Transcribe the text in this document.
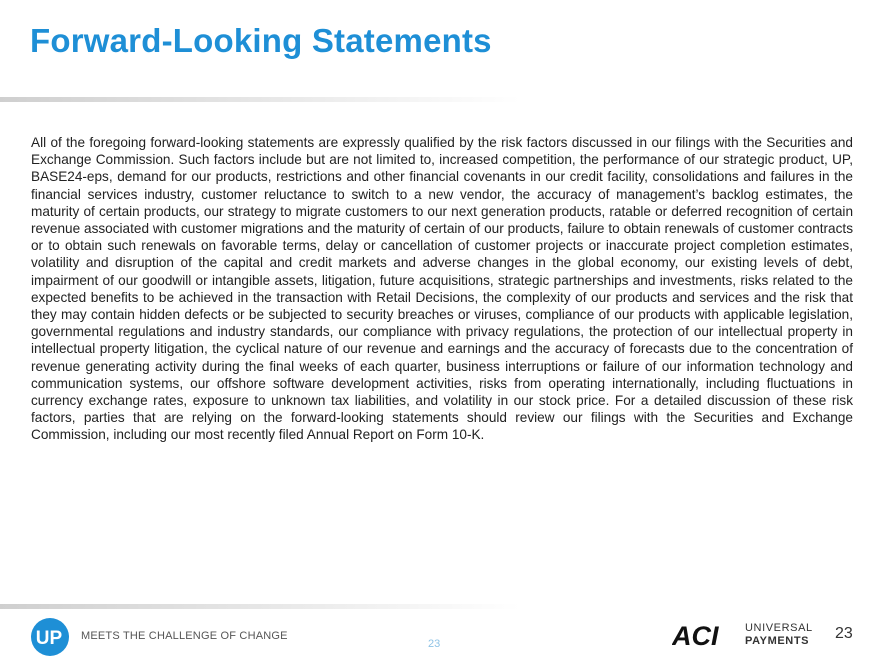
Forward-Looking Statements

All of the foregoing forward-looking statements are expressly qualified by the risk factors discussed in our filings with the Securities and Exchange Commission. Such factors include but are not limited to, increased competition, the performance of our strategic product, UP, BASE24-eps, demand for our products, restrictions and other financial covenants in our credit facility, consolidations and failures in the financial services industry, customer reluctance to switch to a new vendor, the accuracy of management’s backlog estimates, the maturity of certain products, our strategy to migrate customers to our next generation products, ratable or deferred recognition of certain revenue associated with customer migrations and the maturity of certain of our products, failure to obtain renewals of customer contracts or to obtain such renewals on favorable terms, delay or cancellation of customer projects or inaccurate project completion estimates, volatility and disruption of the capital and credit markets and adverse changes in the global economy, our existing levels of debt, impairment of our goodwill or intangible assets, litigation, future acquisitions, strategic partnerships and investments, risks related to the expected benefits to be achieved in the transaction with Retail Decisions, the complexity of our products and services and the risk that they may contain hidden defects or be subjected to security breaches or viruses, compliance of our products with applicable legislation, governmental regulations and industry standards, our compliance with privacy regulations, the protection of our intellectual property in intellectual property litigation, the cyclical nature of our revenue and earnings and the accuracy of forecasts due to the concentration of revenue generating activity during the final weeks of each quarter, business interruptions or failure of our information technology and communication systems, our offshore software development activities, risks from operating internationally, including fluctuations in currency exchange rates, exposure to unknown tax liabilities, and volatility in our stock price. For a detailed discussion of these risk factors, parties that are relying on the forward-looking statements should review our filings with the Securities and Exchange Commission, including our most recently filed Annual Report on Form 10-K.

UP MEETS THE CHALLENGE OF CHANGE
23	ACI UNIVERSAL
PAYMENTS 23
